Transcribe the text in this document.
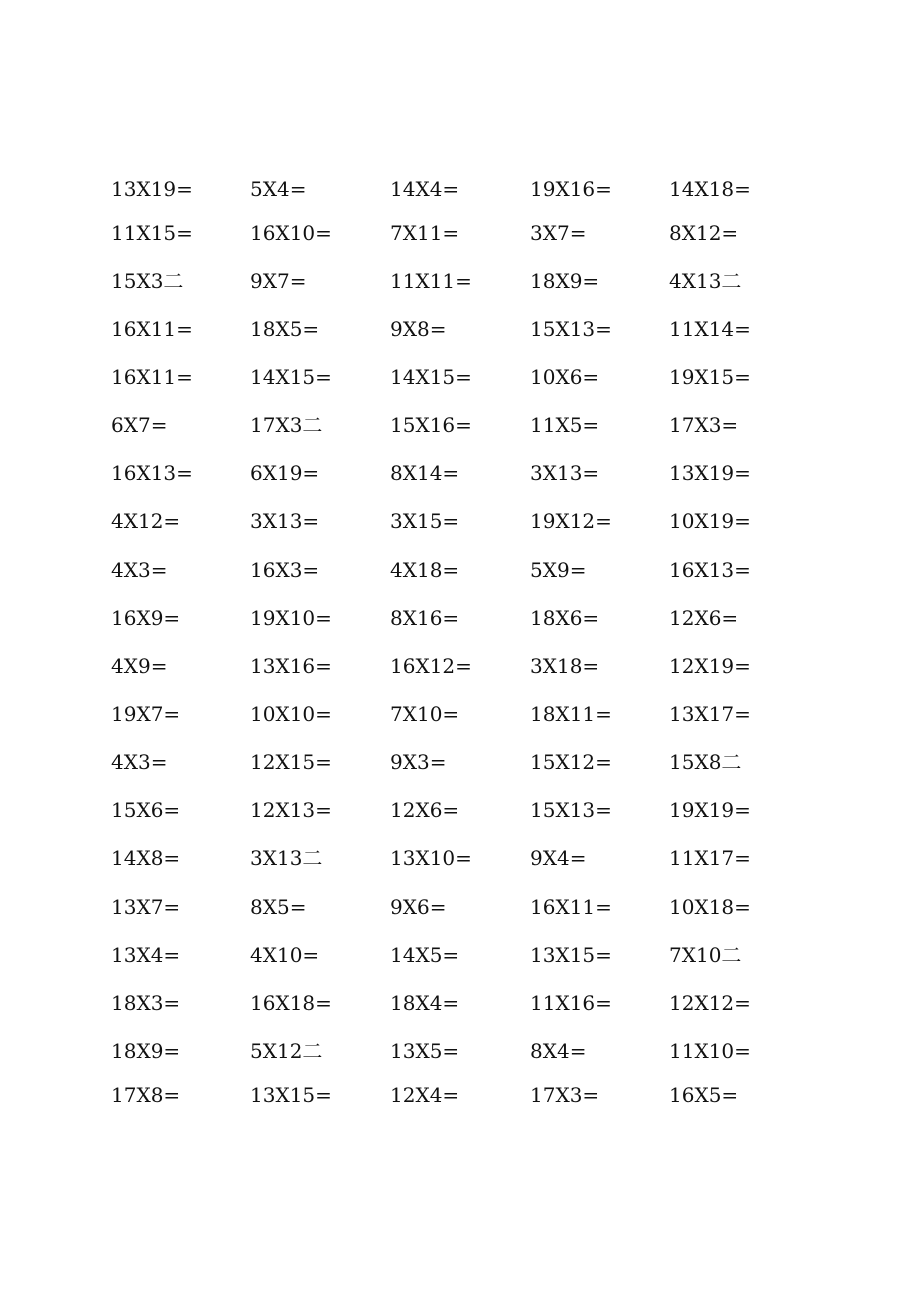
13X19=	5X4=	14X4=	19X16=	14X18=
11X15=	16X10=	7X11=	3X7=	8X12=
15X3二	9X7=	11X11=	18X9=	4X13二
16X11=	18X5=	9X8=	15X13=	11X14=
16X11=	14X15=	14X15=	10X6=	19X15=
6X7=	17X3二	15X16=	11X5=	17X3=
16X13=	6X19=	8X14=	3X13=	13X19=
4X12=	3X13=	3X15=	19X12=	10X19=
4X3=	16X3=	4X18=	5X9=	16X13=
16X9=	19X10=	8X16=	18X6=	12X6=
4X9=	13X16=	16X12=	3X18=	12X19=
19X7=	10X10=	7X10=	18X11=	13X17=
4X3=	12X15=	9X3=	15X12=	15X8二
15X6=	12X13=	12X6=	15X13=	19X19=
14X8=	3X13二	13X10=	9X4=	11X17=
13X7=	8X5=	9X6=	16X11=	10X18=
13X4=	4X10=	14X5=	13X15=	7X10二
18X3=	16X18=	18X4=	11X16=	12X12=
18X9=	5X12二	13X5=	8X4=	11X10=
17X8=	13X15=	12X4=	17X3=	16X5=
